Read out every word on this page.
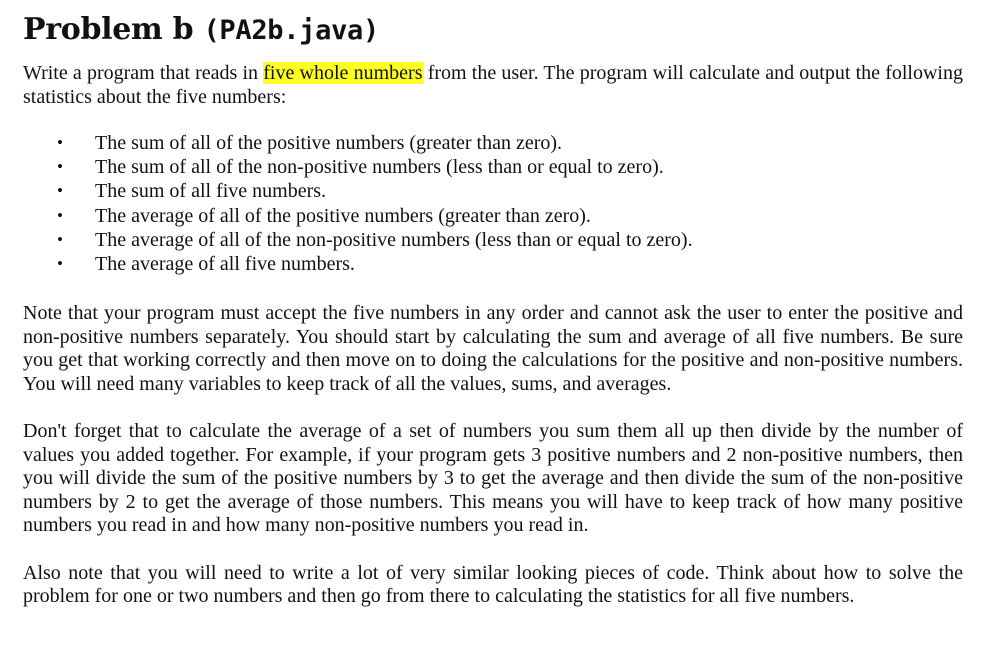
Problem b (PA2b.java)

Write a program that reads in five whole numbers from the user. The program will calculate and output the following statistics about the five numbers:

• The sum of all of the positive numbers (greater than zero).
• The sum of all of the non-positive numbers (less than or equal to zero).
• The sum of all five numbers.
• The average of all of the positive numbers (greater than zero).
• The average of all of the non-positive numbers (less than or equal to zero).
• The average of all five numbers.

Note that your program must accept the five numbers in any order and cannot ask the user to enter the positive and non-positive numbers separately. You should start by calculating the sum and average of all five numbers. Be sure you get that working correctly and then move on to doing the calculations for the positive and non-positive numbers. You will need many variables to keep track of all the values, sums, and averages.

Don't forget that to calculate the average of a set of numbers you sum them all up then divide by the number of values you added together. For example, if your program gets 3 positive numbers and 2 non-positive numbers, then you will divide the sum of the positive numbers by 3 to get the average and then divide the sum of the non-positive numbers by 2 to get the average of those numbers. This means you will have to keep track of how many positive numbers you read in and how many non-positive numbers you read in.

Also note that you will need to write a lot of very similar looking pieces of code. Think about how to solve the problem for one or two numbers and then go from there to calculating the statistics for all five numbers.
